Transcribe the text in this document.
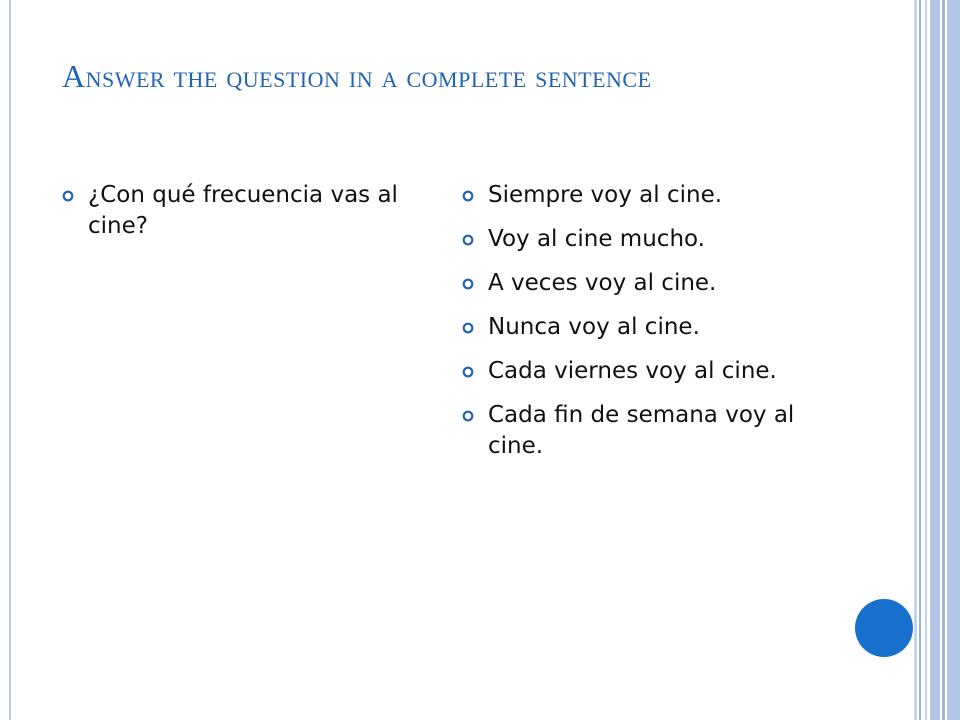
Answer the question in a complete sentence
¿Con qué frecuencia vas al cine?
Siempre voy al cine.
Voy al cine mucho.
A veces voy al cine.
Nunca voy al cine.
Cada viernes voy al cine.
Cada fin de semana voy al cine.
